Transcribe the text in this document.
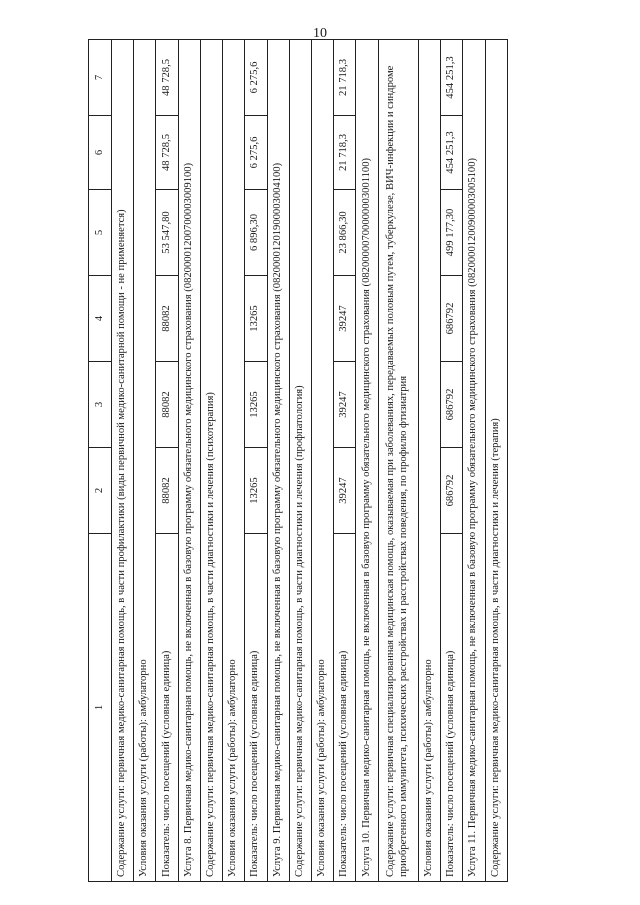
10
1	2	3	4	5	6	7
Содержание услуги: первичная медико-санитарная помощь, в части профилактики (виды первичной медико-санитарной помощи - не применяется)						
Условия оказания услуги (работы): амбулаторно						
Показатель: число посещений (условная единица)	88082	88082	88082	53 547,80	48 728,5	48 728,5
Услуга 8. Первичная медико-санитарная помощь, не включенная в базовую программу обязательного медицинского страхования (08200001200700003009100)						
Содержание услуги: первичная медико-санитарная помощь, в части диагностики и лечения (психотерапия)						
Условия оказания услуги (работы): амбулаторно						
Показатель: число посещений (условная единица)	13265	13265	13265	6 896,30	6 275,6	6 275,6
Услуга 9. Первичная медико-санитарная помощь, не включенная в базовую программу обязательного медицинского страхования (08200001201900003004100)						
Содержание услуги: первичная медико-санитарная помощь, в части диагностики и лечения (профпатология)						
Условия оказания услуги (работы): амбулаторно						
Показатель: число посещений (условная единица)	39247	39247	39247	23 866,30	21 718,3	21 718,3
Услуга 10. Первичная медико-санитарная помощь, не включенная в базовую программу обязательного медицинского страхования (08200000700000003001100)						
Содержание услуги: первичная специализированная медицинская помощь, оказываемая при заболеваниях, передаваемых половым путем, туберкулезе, ВИЧ-инфекции и синдроме приобретенного иммунитета, психических расстройствах и расстройствах поведения, по профилю фтизиатрия						
Условия оказания услуги (работы): амбулаторно						
Показатель: число посещений (условная единица)	686792	686792	686792	499 177,30	454 251,3	454 251,3
Услуга 11. Первичная медико-санитарная помощь, не включенная в базовую программу обязательного медицинского страхования (08200001200900003005100)						
Содержание услуги: первичная медико-санитарная помощь, в части диагностики и лечения (терапия)						
